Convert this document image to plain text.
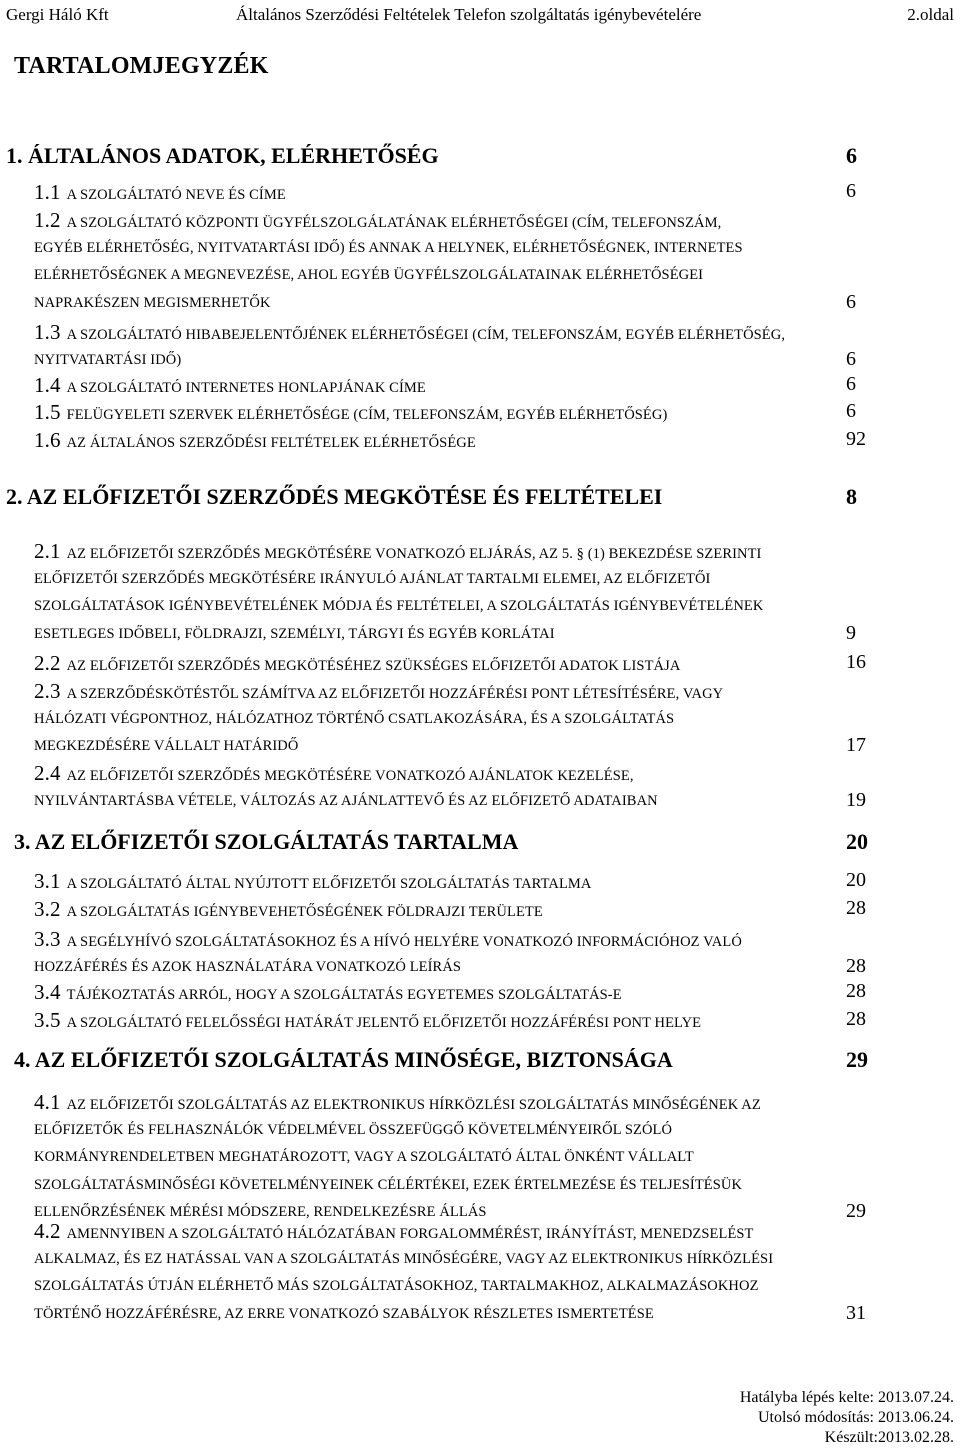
Gergi Háló Kft	Általános Szerződési Feltételek Telefon szolgáltatás igénybevételére	2.oldal
TARTALOMJEGYZÉK
1. ÁLTALÁNOS ADATOK, ELÉRHETŐSÉG	6
1.1 A SZOLGÁLTATÓ NEVE ÉS CÍME	6
1.2 A SZOLGÁLTATÓ KÖZPONTI ÜGYFÉLSZOLGÁLATÁNAK ELÉRHETŐSÉGEI (CÍM, TELEFONSZÁM,
EGYÉB ELÉRHETŐSÉG, NYITVATARTÁSI IDŐ) ÉS ANNAK A HELYNEK, ELÉRHETŐSÉGNEK, INTERNETES
ELÉRHETŐSÉGNEK A MEGNEVEZÉSE, AHOL EGYÉB ÜGYFÉLSZOLGÁLATAINAK ELÉRHETŐSÉGEI
NAPRAKÉSZEN MEGISMERHETŐK	6
1.3 A SZOLGÁLTATÓ HIBABEJELENTŐJÉNEK ELÉRHETŐSÉGEI (CÍM, TELEFONSZÁM, EGYÉB ELÉRHETŐSÉG,
NYITVATARTÁSI IDŐ)	6
1.4 A SZOLGÁLTATÓ INTERNETES HONLAPJÁNAK CÍME	6
1.5 FELÜGYELETI SZERVEK ELÉRHETŐSÉGE (CÍM, TELEFONSZÁM, EGYÉB ELÉRHETŐSÉG)	6
1.6 AZ ÁLTALÁNOS SZERZŐDÉSI FELTÉTELEK ELÉRHETŐSÉGE	92
2. AZ ELŐFIZETŐI SZERZŐDÉS MEGKÖTÉSE ÉS FELTÉTELEI	8
2.1 AZ ELŐFIZETŐI SZERZŐDÉS MEGKÖTÉSÉRE VONATKOZÓ ELJÁRÁS, AZ 5. § (1) BEKEZDÉSE SZERINTI
ELŐFIZETŐI SZERZŐDÉS MEGKÖTÉSÉRE IRÁNYULÓ AJÁNLAT TARTALMI ELEMEI, AZ ELŐFIZETŐI
SZOLGÁLTATÁSOK IGÉNYBEVÉTELÉNEK MÓDJA ÉS FELTÉTELEI, A SZOLGÁLTATÁS IGÉNYBEVÉTELÉNEK
ESETLEGES IDŐBELI, FÖLDRAJZI, SZEMÉLYI, TÁRGYI ÉS EGYÉB KORLÁTAI	9
2.2 AZ ELŐFIZETŐI SZERZŐDÉS MEGKÖTÉSÉHEZ SZÜKSÉGES ELŐFIZETŐI ADATOK LISTÁJA	16
2.3 A SZERZŐDÉSKÖTÉSTŐL SZÁMÍTVA AZ ELŐFIZETŐI HOZZÁFÉRÉSI PONT LÉTESÍTÉSÉRE, VAGY
HÁLÓZATI VÉGPONTHOZ, HÁLÓZATHOZ TÖRTÉNŐ CSATLAKOZÁSÁRA, ÉS A SZOLGÁLTATÁS
MEGKEZDÉSÉRE VÁLLALT HATÁRIDŐ	17
2.4 AZ ELŐFIZETŐI SZERZŐDÉS MEGKÖTÉSÉRE VONATKOZÓ AJÁNLATOK KEZELÉSE,
NYILVÁNTARTÁSBA VÉTELE, VÁLTOZÁS AZ AJÁNLATTEVŐ ÉS AZ ELŐFIZETŐ ADATAIBAN	19
3. AZ ELŐFIZETŐI SZOLGÁLTATÁS TARTALMA	20
3.1 A SZOLGÁLTATÓ ÁLTAL NYÚJTOTT ELŐFIZETŐI SZOLGÁLTATÁS TARTALMA	20
3.2 A SZOLGÁLTATÁS IGÉNYBEVEHETŐSÉGÉNEK FÖLDRAJZI TERÜLETE	28
3.3 A SEGÉLYHÍVÓ SZOLGÁLTATÁSOKHOZ ÉS A HÍVÓ HELYÉRE VONATKOZÓ INFORMÁCIÓHOZ VALÓ
HOZZÁFÉRÉS ÉS AZOK HASZNÁLATÁRA VONATKOZÓ LEÍRÁS	28
3.4 TÁJÉKOZTATÁS ARRÓL, HOGY A SZOLGÁLTATÁS EGYETEMES SZOLGÁLTATÁS-E	28
3.5 A SZOLGÁLTATÓ FELELŐSSÉGI HATÁRÁT JELENTŐ ELŐFIZETŐI HOZZÁFÉRÉSI PONT HELYE	28
4. AZ ELŐFIZETŐI SZOLGÁLTATÁS MINŐSÉGE, BIZTONSÁGA	29
4.1 AZ ELŐFIZETŐI SZOLGÁLTATÁS AZ ELEKTRONIKUS HÍRKÖZLÉSI SZOLGÁLTATÁS MINŐSÉGÉNEK AZ
ELŐFIZETŐK ÉS FELHASZNÁLÓK VÉDELMÉVEL ÖSSZEFÜGGŐ KÖVETELMÉNYEIRŐL SZÓLÓ
KORMÁNYRENDELETBEN MEGHATÁROZOTT, VAGY A SZOLGÁLTATÓ ÁLTAL ÖNKÉNT VÁLLALT
SZOLGÁLTATÁSMINŐSÉGI KÖVETELMÉNYEINEK CÉLÉRTÉKEI, EZEK ÉRTELMEZÉSE ÉS TELJESÍTÉSÜK
ELLENŐRZÉSÉNEK MÉRÉSI MÓDSZERE, RENDELKEZÉSRE ÁLLÁS	29
4.2 AMENNYIBEN A SZOLGÁLTATÓ HÁLÓZATÁBAN FORGALOMMÉRÉST, IRÁNYÍTÁST, MENEDZSELÉST
ALKALMAZ, ÉS EZ HATÁSSAL VAN A SZOLGÁLTATÁS MINŐSÉGÉRE, VAGY AZ ELEKTRONIKUS HÍRKÖZLÉSI
SZOLGÁLTATÁS ÚTJÁN ELÉRHETŐ MÁS SZOLGÁLTATÁSOKHOZ, TARTALMAKHOZ, ALKALMAZÁSOKHOZ
TÖRTÉNŐ HOZZÁFÉRÉSRE, AZ ERRE VONATKOZÓ SZABÁLYOK RÉSZLETES ISMERTETÉSE	31
Hatályba lépés kelte: 2013.07.24.
Utolsó módosítás: 2013.06.24.
Készült:2013.02.28.
